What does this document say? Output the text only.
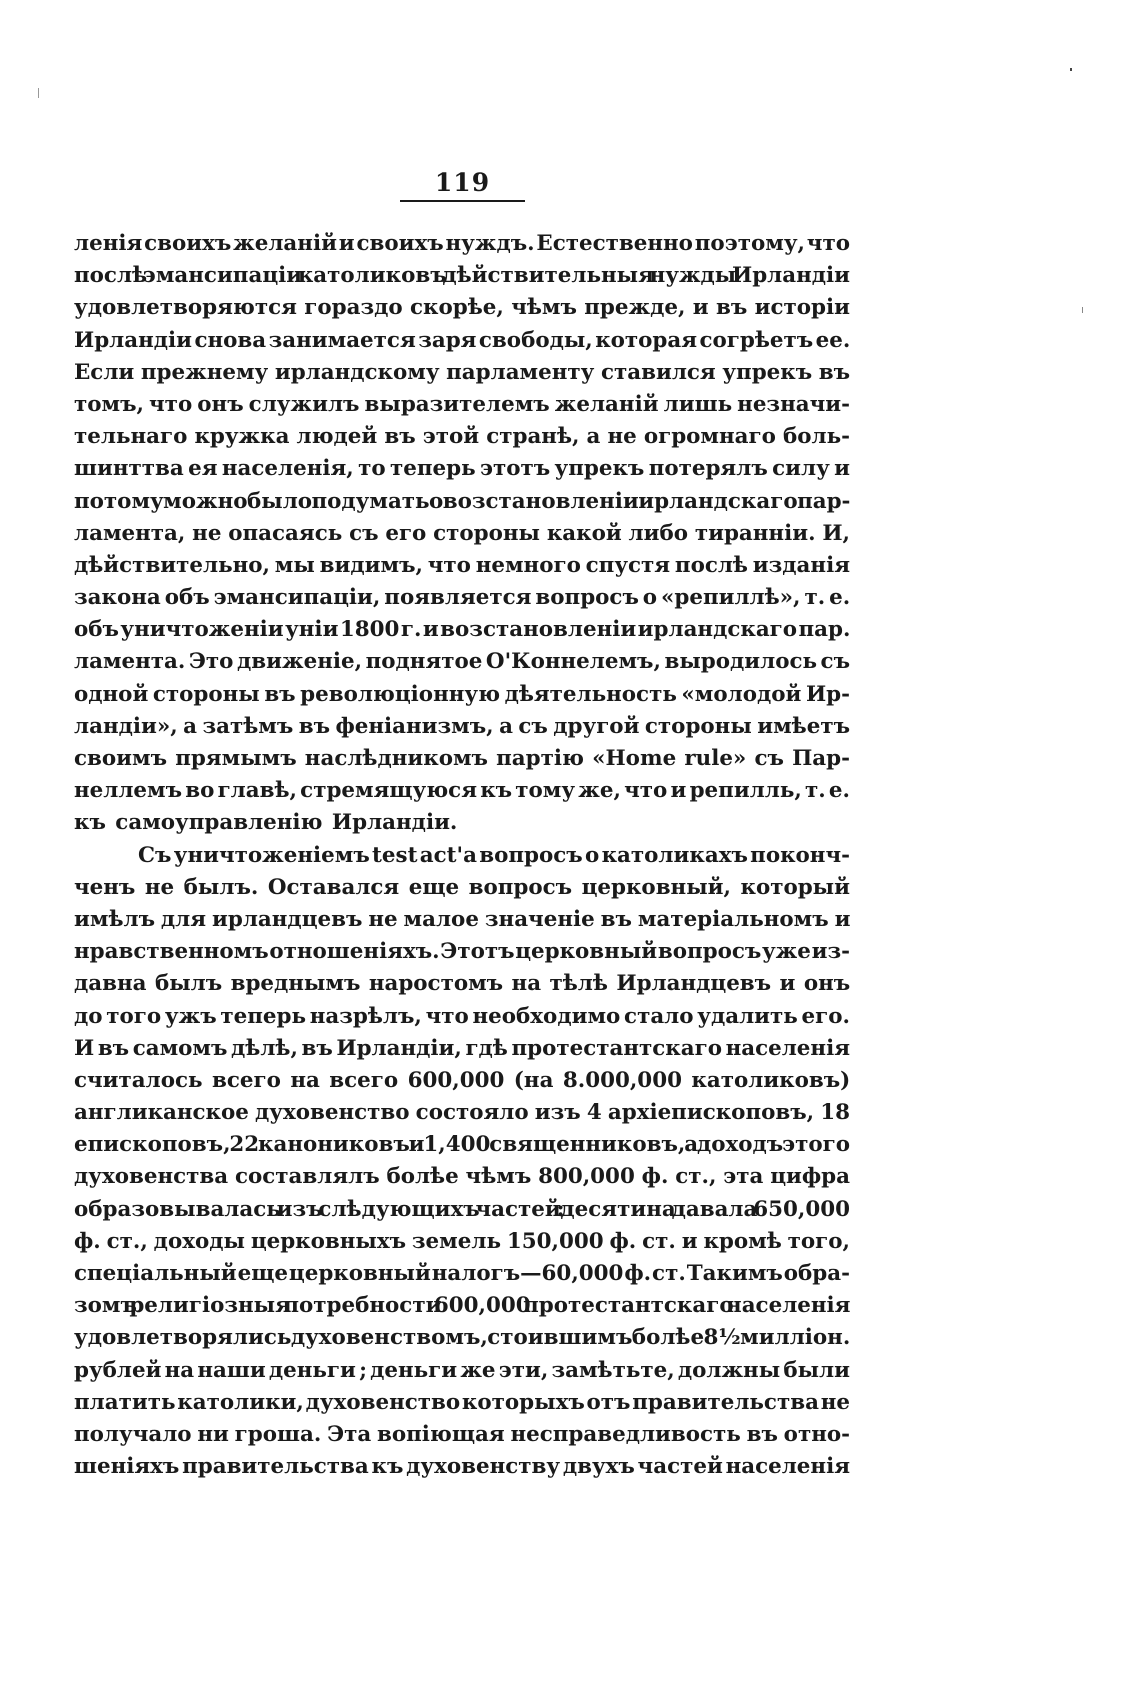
119
ленія своихъ желаній и своихъ нуждъ. Естественно поэтому, что
послѣ эмансипаціи католиковъ дѣйствительныя нужды Ирландіи
удовлетворяются гораздо скорѣе, чѣмъ прежде, и въ исторіи
Ирландіи снова занимается заря свободы, которая согрѣетъ ее.
Если прежнему ирландскому парламенту ставился упрекъ въ
томъ, что онъ служилъ выразителемъ желаній лишь незначи-
тельнаго кружка людей въ этой странѣ, а не огромнаго боль-
шинттва ея населенія, то теперь этотъ упрекъ потерялъ силу и
потому можно было подумать о возстановленіи ирландскаго пар-
ламента, не опасаясь съ его стороны какой либо тиранніи. И,
дѣйствительно, мы видимъ, что немного спустя послѣ изданія
закона объ эмансипаціи, появляется вопросъ о «репиллѣ», т. е.
объ уничтоженіи уніи 1800 г. и возстановленіи ирландскаго пар.
ламента. Это движеніе, поднятое О'Коннелемъ, выродилось съ
одной стороны въ революціонную дѣятельность «молодой Ир-
ландіи», а затѣмъ въ феніанизмъ, а съ другой стороны имѣетъ
своимъ прямымъ наслѣдникомъ партію «Home rule» съ Пар-
неллемъ во главѣ, стремящуюся къ тому же, что и репилль, т. е.
къ самоуправленію Ирландіи.
Съ уничтоженіемъ test act'а вопросъ о католикахъ поконч-
ченъ не былъ. Оставался еще вопросъ церковный, который
имѣлъ для ирландцевъ не малое значеніе въ матеріальномъ и
нравственномъ отношеніяхъ. Этотъ церковный вопросъ уже из-
давна былъ вреднымъ наростомъ на тѣлѣ Ирландцевъ и онъ
до того ужъ теперь назрѣлъ, что необходимо стало удалить его.
И въ самомъ дѣлѣ, въ Ирландіи, гдѣ протестантскаго населенія
считалось всего на всего 600,000 (на 8.000,000 католиковъ)
англиканское духовенство состояло изъ 4 архіепископовъ, 18
епископовъ, 22 канониковъ и 1,400 священниковъ, а доходъ этого
духовенства составлялъ болѣе чѣмъ 800,000 ф. ст., эта цифра
образовывалась изъ слѣдующихъ частей : десятина давала 650,000
ф. ст., доходы церковныхъ земель 150,000 ф. ст. и кромѣ того,
спеціальный еще церковный налогъ—60,000 ф. ст. Такимъ обра-
зомъ религіозныя потребности 600,000 протестантскаго населенія
удовлетворялись духовенствомъ, стоившимъ болѣе 8½ милліон.
рублей на наши деньги ; деньги же эти, замѣтьте, должны были
платить католики, духовенство которыхъ отъ правительства не
получало ни гроша. Эта вопіющая несправедливость въ отно-
шеніяхъ правительства къ духовенству двухъ частей населенія
